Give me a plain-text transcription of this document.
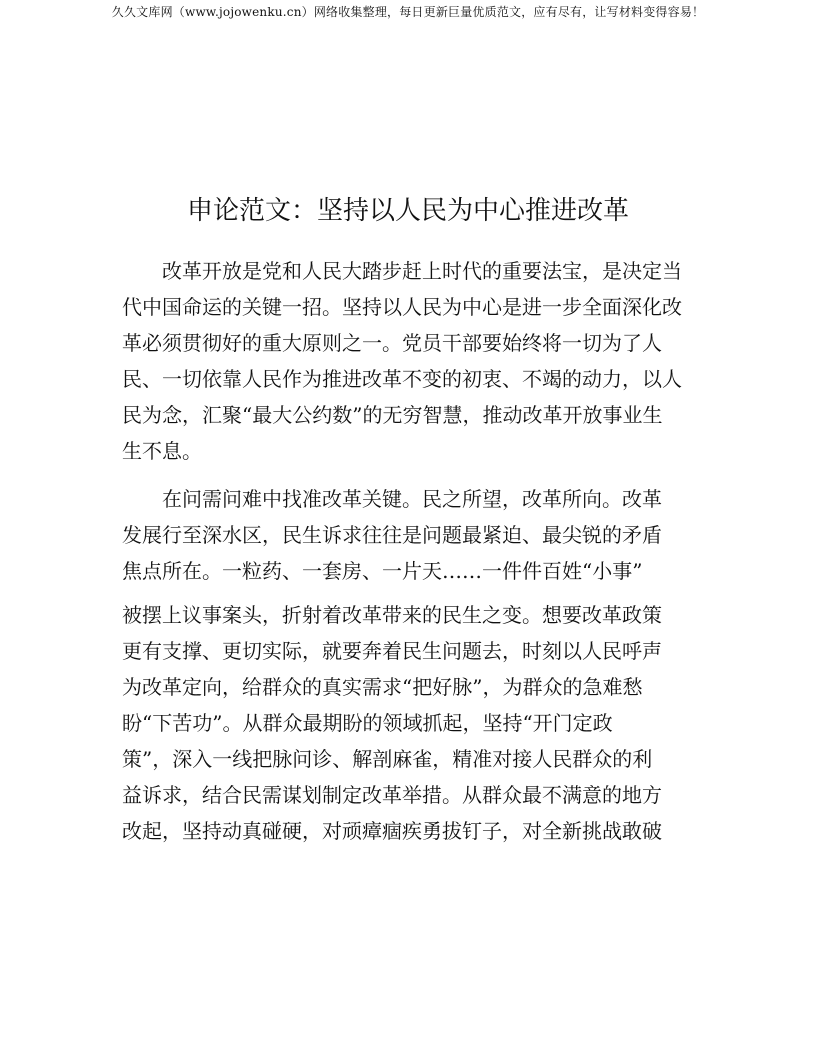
久久文库网（www.jojowenku.cn）网络收集整理，每日更新巨量优质范文，应有尽有，让写材料变得容易！
申论范文：坚持以人民为中心推进改革
改革开放是党和人民大踏步赶上时代的重要法宝，是决定当
代中国命运的关键一招。坚持以人民为中心是进一步全面深化改
革必须贯彻好的重大原则之一。党员干部要始终将一切为了人
民、一切依靠人民作为推进改革不变的初衷、不竭的动力，以人
民为念，汇聚“最大公约数”的无穷智慧，推动改革开放事业生
生不息。
在问需问难中找准改革关键。民之所望，改革所向。改革
发展行至深水区，民生诉求往往是问题最紧迫、最尖锐的矛盾
焦点所在。一粒药、一套房、一片天……一件件百姓“小事”
被摆上议事案头，折射着改革带来的民生之变。想要改革政策
更有支撑、更切实际，就要奔着民生问题去，时刻以人民呼声
为改革定向，给群众的真实需求“把好脉”，为群众的急难愁
盼“下苦功”。从群众最期盼的领域抓起，坚持“开门定政
策”，深入一线把脉问诊、解剖麻雀，精准对接人民群众的利
益诉求，结合民需谋划制定改革举措。从群众最不满意的地方
改起，坚持动真碰硬，对顽瘴痼疾勇拔钉子，对全新挑战敢破
